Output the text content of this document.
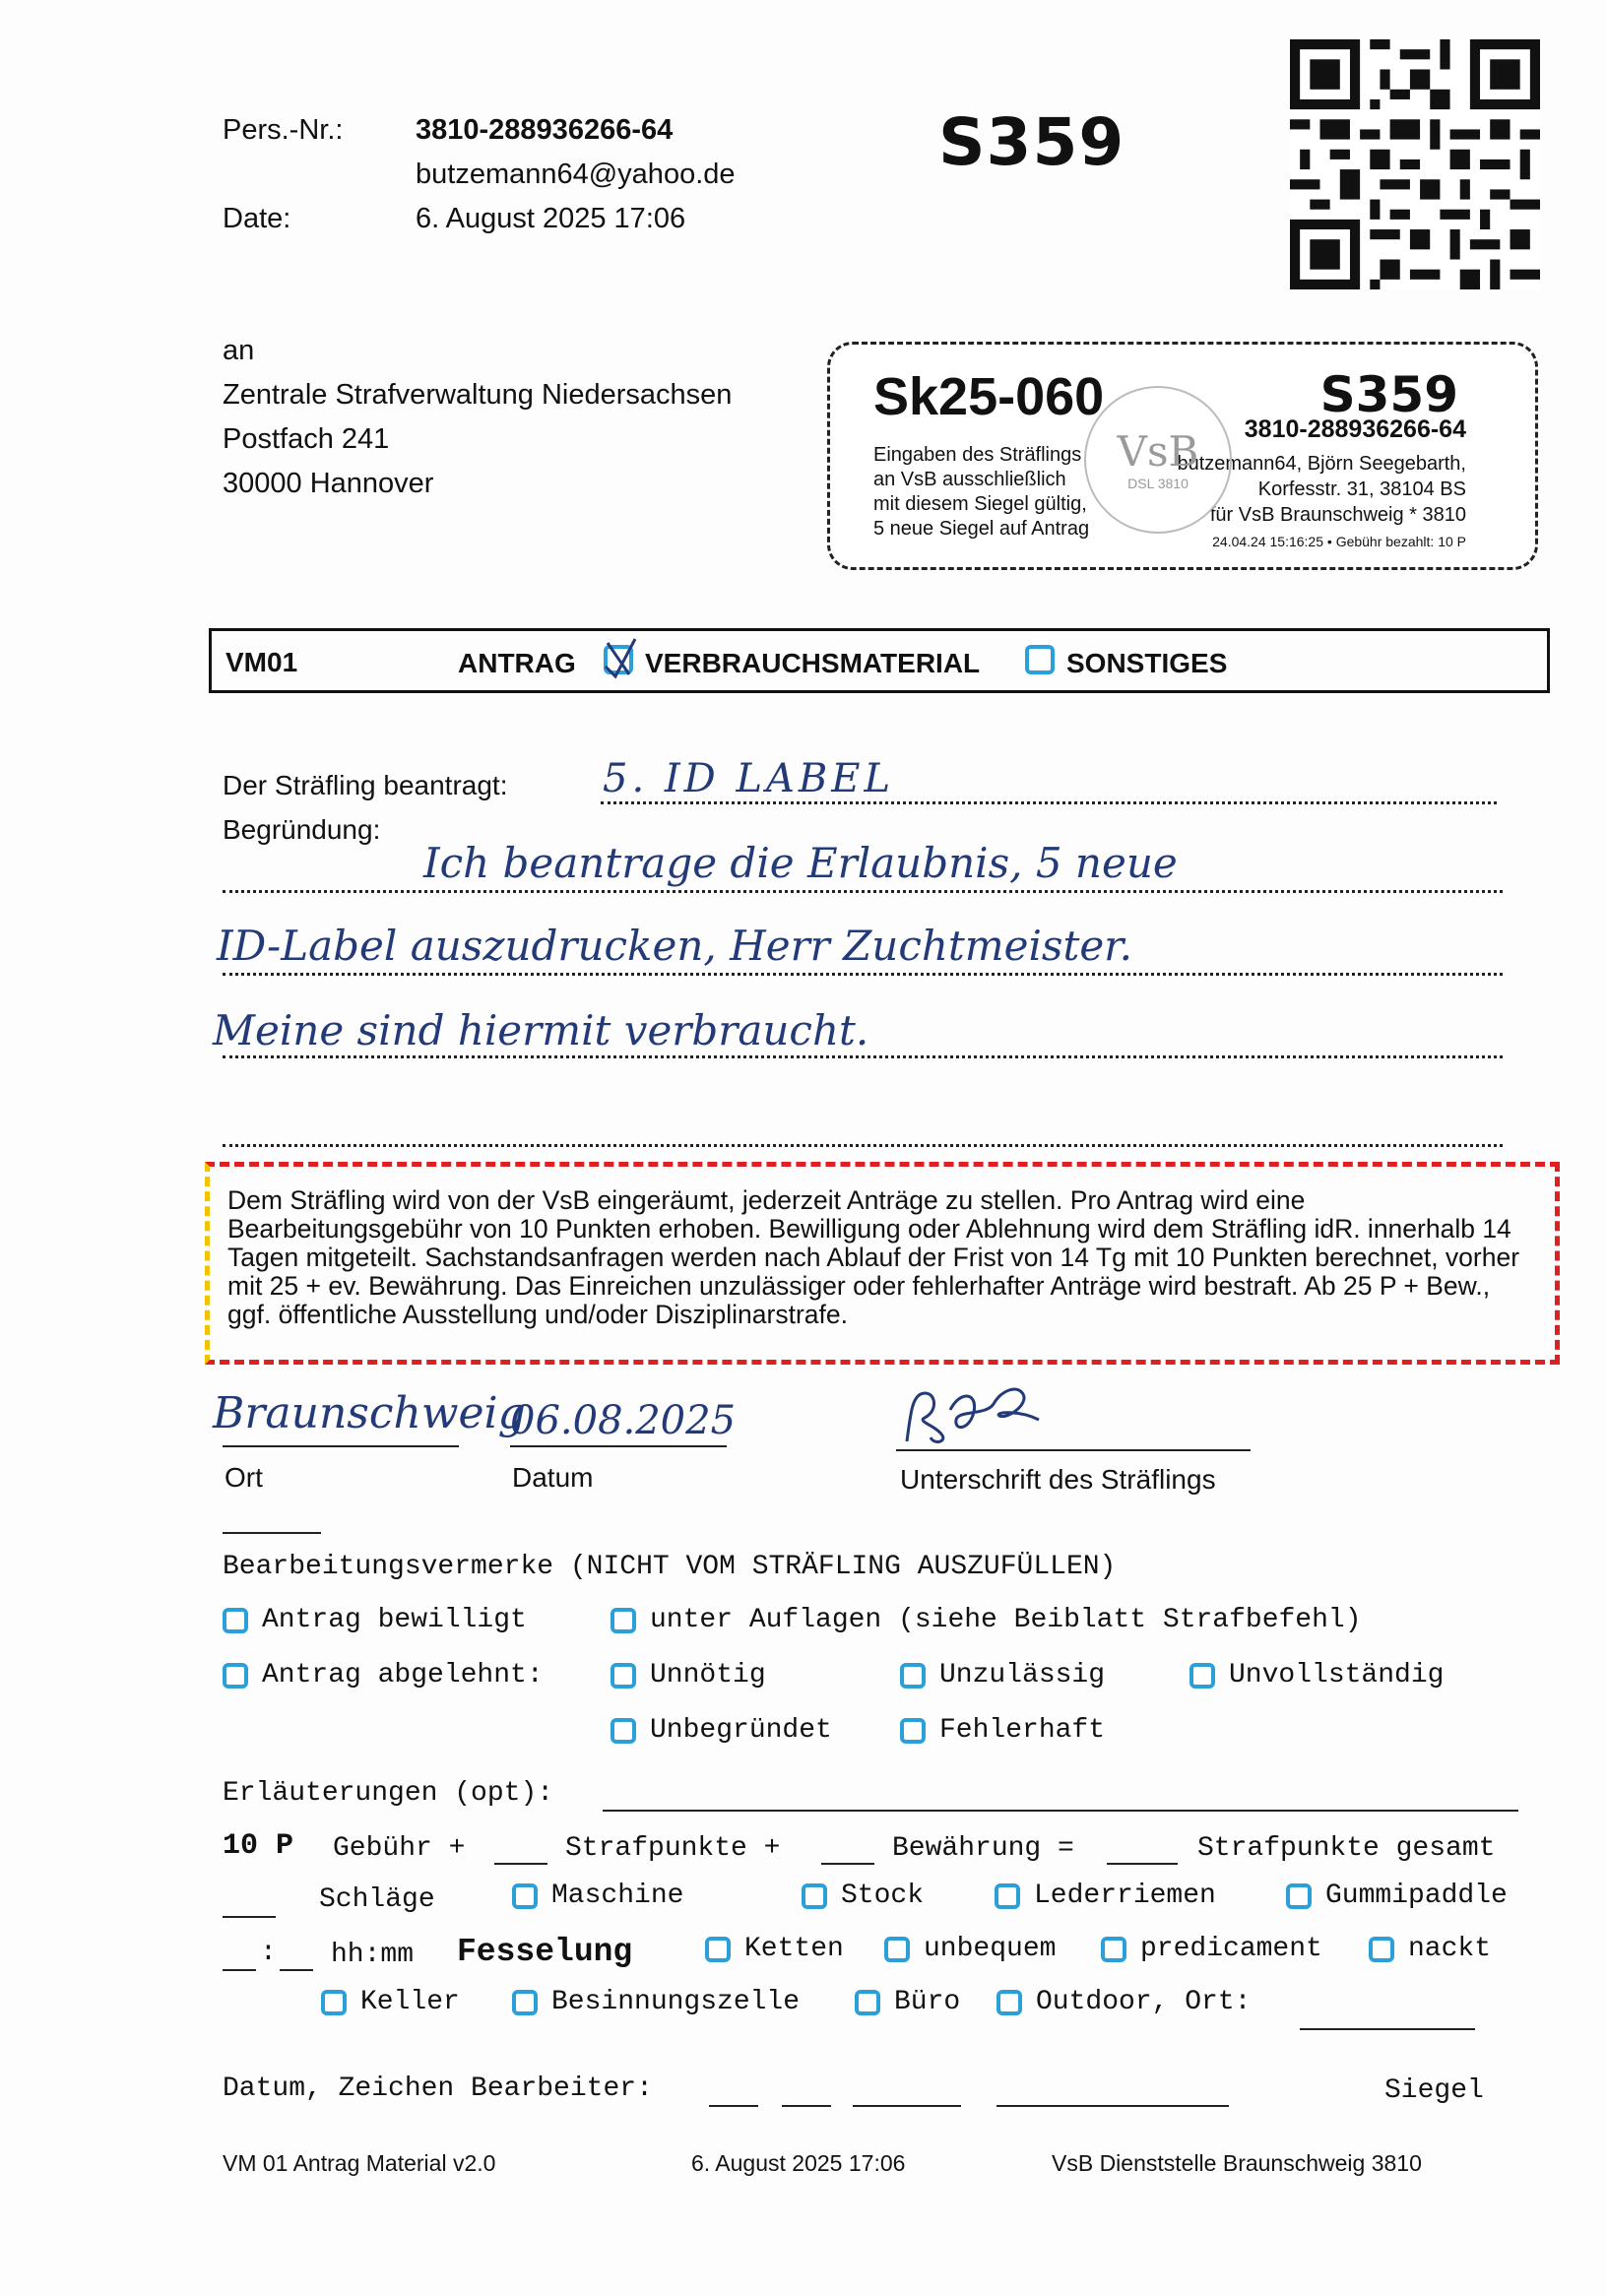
Pers.-Nr.:	3810-288936266-64
butzemann64@yahoo.de
Date:	6. August 2025 17:06
S359
an
Zentrale Strafverwaltung Niedersachsen
Postfach 241
30000 Hannover
Sk25-060	S359
3810-288936266-64
Eingaben des Sträflings
an VsB ausschließlich
mit diesem Siegel gültig,
5 neue Siegel auf Antrag
butzemann64, Björn Seegebarth,
Korfesstr. 31, 38104 BS
für VsB Braunschweig * 3810
24.04.24 15:16:25 • Gebühr bezahlt: 10 P
VsB
DSL 3810
VM01	ANTRAG	VERBRAUCHSMATERIAL	SONSTIGES
Der Sträfling beantragt: 5. ID LABEL
Begründung:
Ich beantrage die Erlaubnis, 5 neue
ID-Label auszudrucken, Herr Zuchtmeister.
Meine sind hiermit verbraucht.
Dem Sträfling wird von der VsB eingeräumt, jederzeit Anträge zu stellen. Pro Antrag wird eine Bearbeitungsgebühr von 10 Punkten erhoben. Bewilligung oder Ablehnung wird dem Sträfling idR. innerhalb 14 Tagen mitgeteilt. Sachstandsanfragen werden nach Ablauf der Frist von 14 Tg mit 10 Punkten berechnet, vorher mit 25 + ev. Bewährung. Das Einreichen unzulässiger oder fehlerhafter Anträge wird bestraft. Ab 25 P + Bew., ggf. öffentliche Ausstellung und/oder Disziplinarstrafe.
Braunschweig
Ort
06.08.2025
Datum	Unterschrift des Sträflings
Bearbeitungsvermerke (NICHT VOM STRÄFLING AUSZUFÜLLEN)
Antrag bewilligt	unter Auflagen (siehe Beiblatt Strafbefehl)
Antrag abgelehnt:	Unnötig	Unzulässig	Unvollständig
Unbegründet	Fehlerhaft
Erläuterungen (opt):
10 P Gebühr +	Strafpunkte +	Bewährung =	Strafpunkte gesamt
Schläge	Maschine	Stock	Lederriemen	Gummipaddle
: hh:mm Fesselung	Ketten	unbequem	predicament	nackt
Keller	Besinnungszelle	Büro	Outdoor, Ort:
Datum, Zeichen Bearbeiter:	Siegel
VM 01 Antrag Material v2.0	6. August 2025 17:06	VsB Dienststelle Braunschweig 3810
